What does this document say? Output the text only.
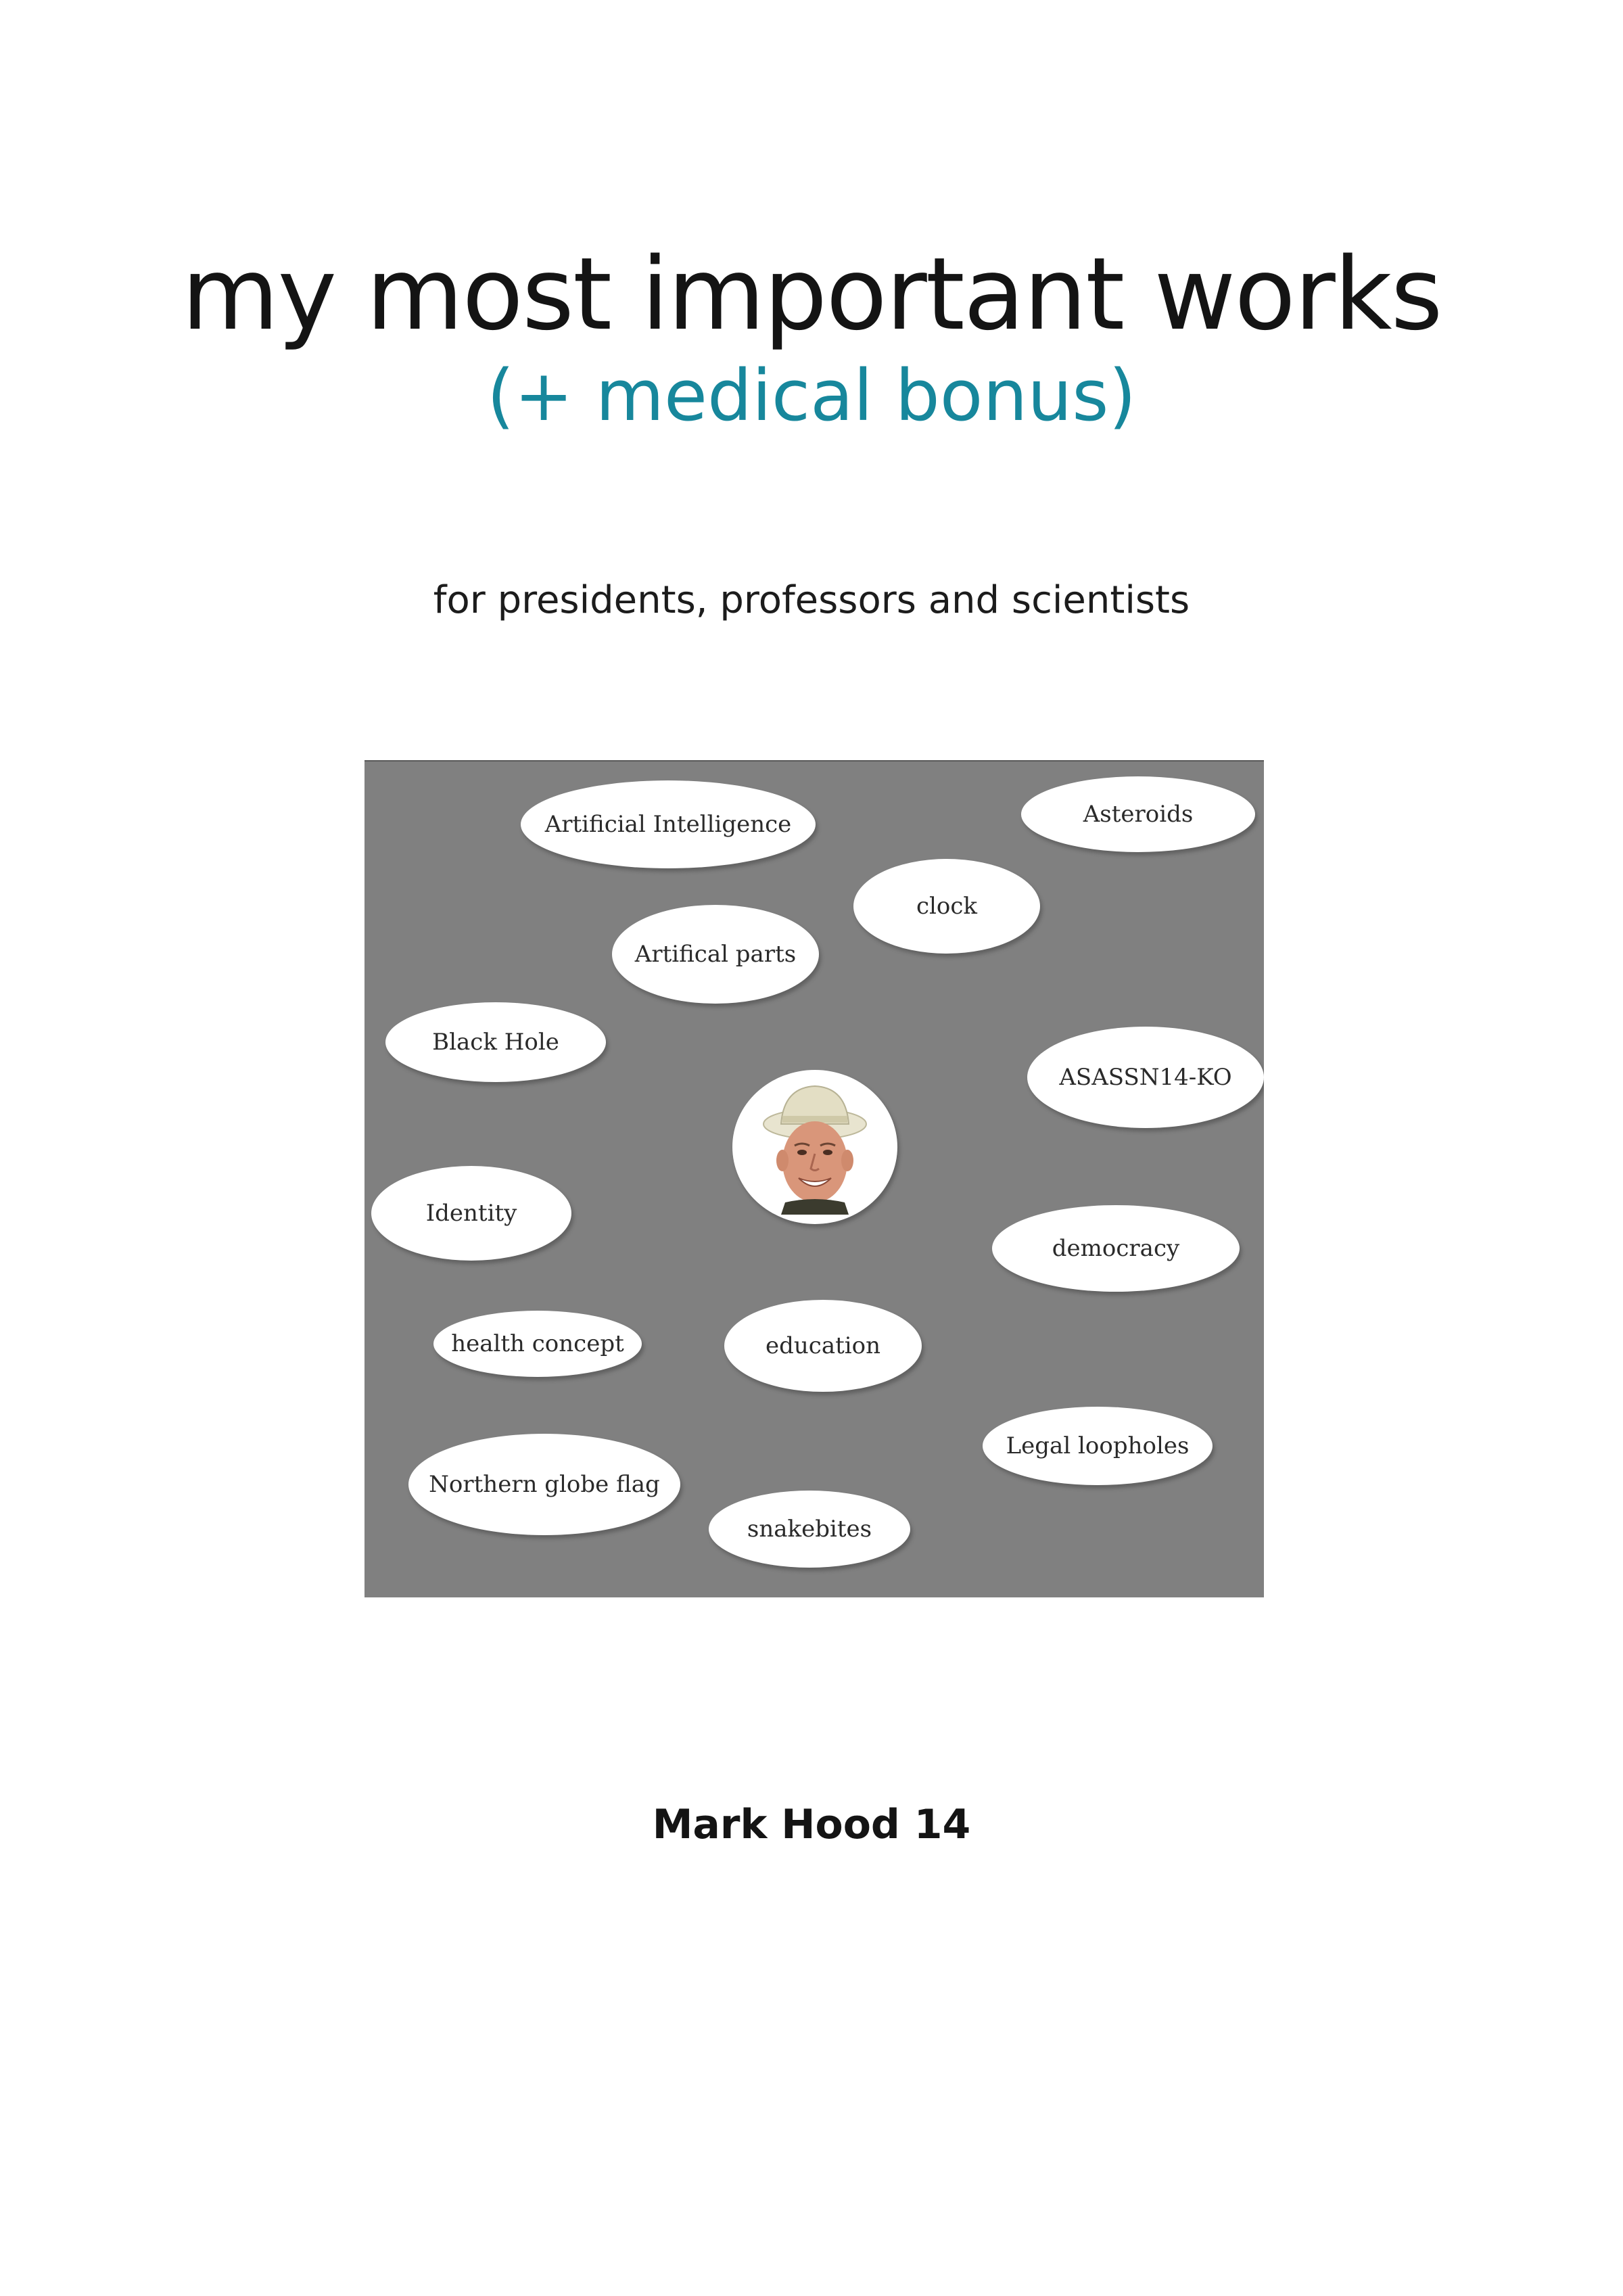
my most important works
(+ medical bonus)
for presidents, professors and scientists
Artificial Intelligence	Asteroids
clock
Artifical parts
Black Hole
ASASSN14-KO
Identity
democracy
health concept	education
Legal loopholes
Northern globe flag
snakebites
Mark Hood 14
